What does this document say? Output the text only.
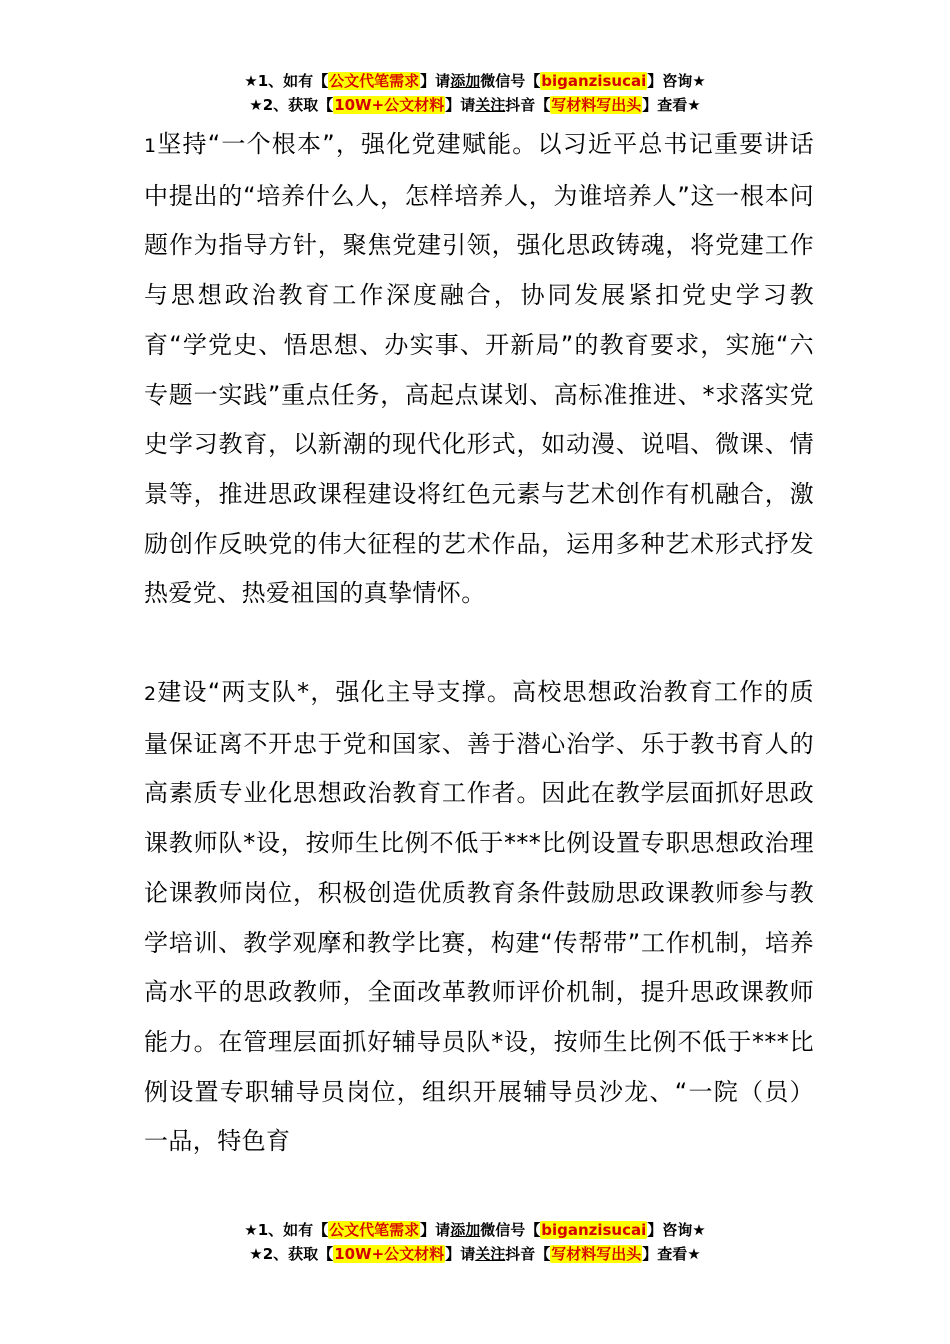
★1、如有【公文代笔需求】请添加微信号【biganzisucai】咨询★
★2、获取【10W+公文材料】请关注抖音【写材料写出头】查看★

1坚持“一个根本”，强化党建赋能。以习近平总书记重要讲话中提出的“培养什么人，怎样培养人，为谁培养人”这一根本问题作为指导方针，聚焦党建引领，强化思政铸魂，将党建工作与思想政治教育工作深度融合，协同发展紧扣党史学习教育“学党史、悟思想、办实事、开新局”的教育要求，实施“六专题一实践”重点任务，高起点谋划、高标准推进、*求落实党史学习教育，以新潮的现代化形式，如动漫、说唱、微课、情景等，推进思政课程建设将红色元素与艺术创作有机融合，激励创作反映党的伟大征程的艺术作品，运用多种艺术形式抒发热爱党、热爱祖国的真挚情怀。

2建设“两支队*，强化主导支撑。高校思想政治教育工作的质量保证离不开忠于党和国家、善于潜心治学、乐于教书育人的高素质专业化思想政治教育工作者。因此在教学层面抓好思政课教师队*设，按师生比例不低于***比例设置专职思想政治理论课教师岗位，积极创造优质教育条件鼓励思政课教师参与教学培训、教学观摩和教学比赛，构建“传帮带”工作机制，培养高水平的思政教师，全面改革教师评价机制，提升思政课教师能力。在管理层面抓好辅导员队*设，按师生比例不低于***比例设置专职辅导员岗位，组织开展辅导员沙龙、“一院（员）一品，特色育

★1、如有【公文代笔需求】请添加微信号【biganzisucai】咨询★
★2、获取【10W+公文材料】请关注抖音【写材料写出头】查看★
